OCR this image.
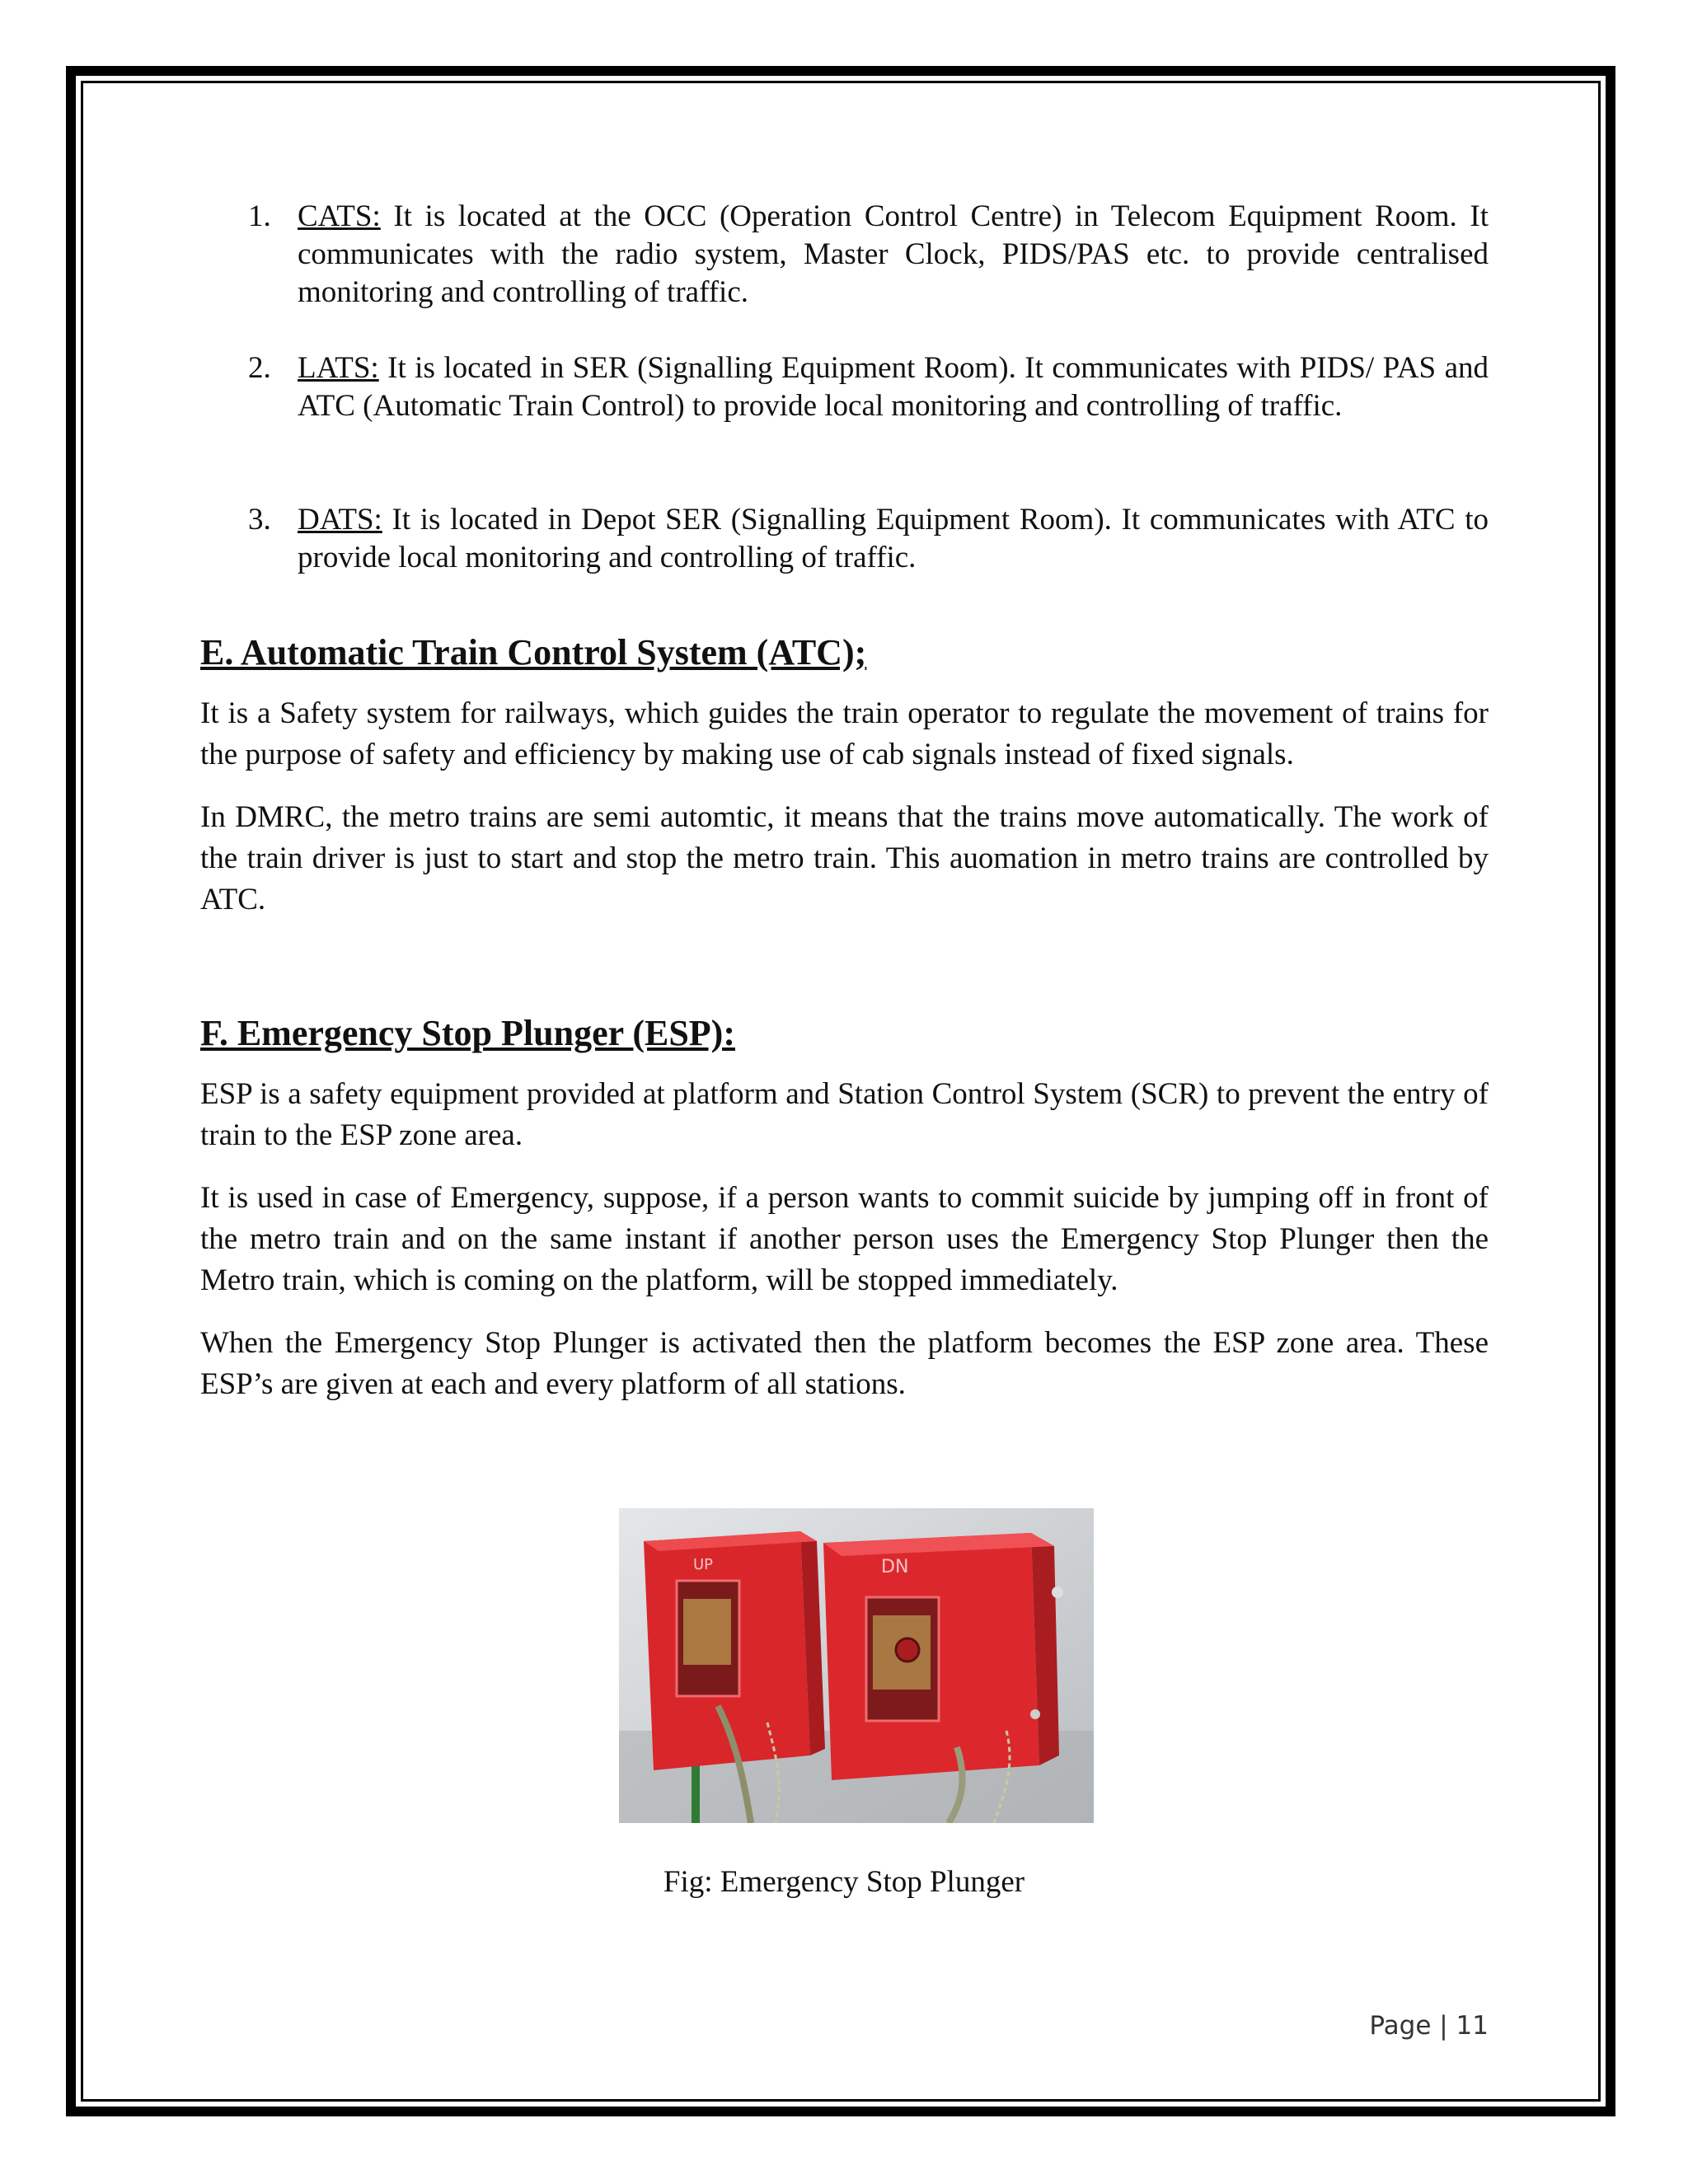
1. CATS: It is located at the OCC (Operation Control Centre) in Telecom Equipment Room. It communicates with the radio system, Master Clock, PIDS/PAS etc. to provide centralised monitoring and controlling of traffic.
2. LATS: It is located in SER (Signalling Equipment Room). It communicates with PIDS/ PAS and ATC (Automatic Train Control) to provide local monitoring and controlling of traffic.
3. DATS: It is located in Depot SER (Signalling Equipment Room). It communicates with ATC to provide local monitoring and controlling of traffic.
E. Automatic Train Control System (ATC);

It is a Safety system for railways, which guides the train operator to regulate the movement of trains for the purpose of safety and efficiency by making use of cab signals instead of fixed signals.

In DMRC, the metro trains are semi automtic, it means that the trains move automatically. The work of the train driver is just to start and stop the metro train. This auomation in metro trains are controlled by ATC.

F. Emergency Stop Plunger (ESP):

ESP is a safety equipment provided at platform and Station Control System (SCR) to prevent the entry of train to the ESP zone area.

It is used in case of Emergency, suppose, if a person wants to commit suicide by jumping off in front of the metro train and on the same instant if another person uses the Emergency Stop Plunger then the Metro train, which is coming on the platform, will be stopped immediately.

When the Emergency Stop Plunger is activated then the platform becomes the ESP zone area. These ESP’s are given at each and every platform of all stations.

UP	DN
Fig: Emergency Stop Plunger
Page | 11
